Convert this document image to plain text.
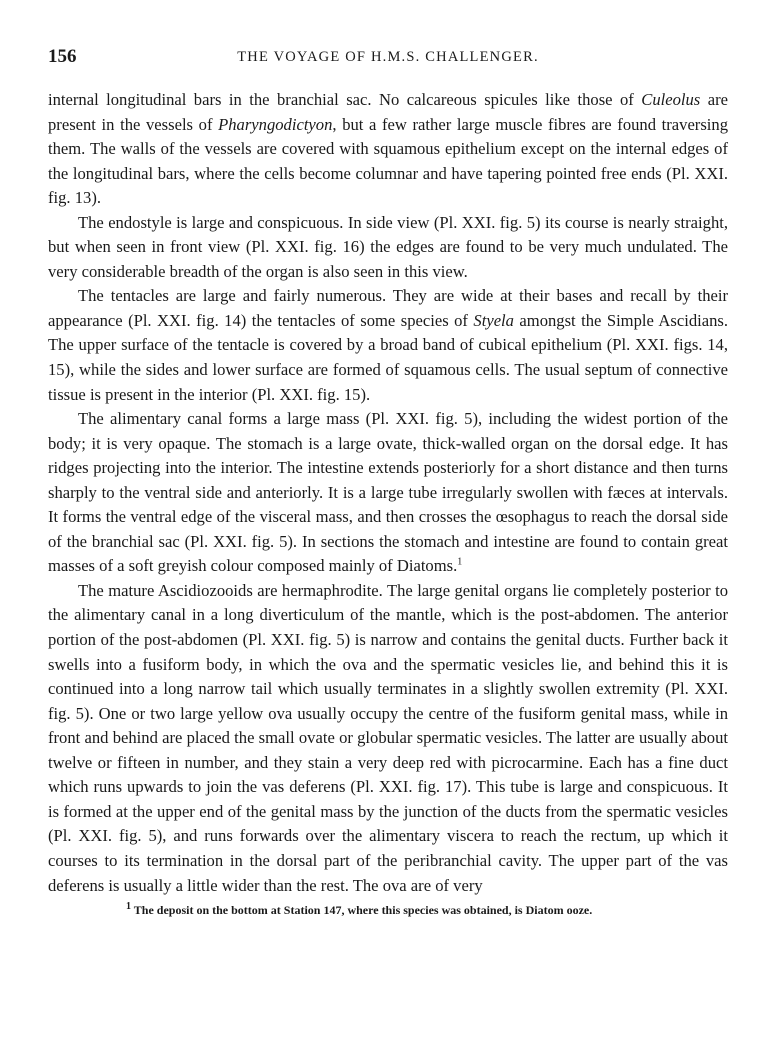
156	THE VOYAGE OF H.M.S. CHALLENGER.

internal longitudinal bars in the branchial sac. No calcareous spicules like those of Culeolus are present in the vessels of Pharyngodictyon, but a few rather large muscle fibres are found traversing them. The walls of the vessels are covered with squamous epithelium except on the internal edges of the longitudinal bars, where the cells become columnar and have tapering pointed free ends (Pl. XXI. fig. 13).

The endostyle is large and conspicuous. In side view (Pl. XXI. fig. 5) its course is nearly straight, but when seen in front view (Pl. XXI. fig. 16) the edges are found to be very much undulated. The very considerable breadth of the organ is also seen in this view.

The tentacles are large and fairly numerous. They are wide at their bases and recall by their appearance (Pl. XXI. fig. 14) the tentacles of some species of Styela amongst the Simple Ascidians. The upper surface of the tentacle is covered by a broad band of cubical epithelium (Pl. XXI. figs. 14, 15), while the sides and lower surface are formed of squamous cells. The usual septum of connective tissue is present in the interior (Pl. XXI. fig. 15).

The alimentary canal forms a large mass (Pl. XXI. fig. 5), including the widest portion of the body; it is very opaque. The stomach is a large ovate, thick-walled organ on the dorsal edge. It has ridges projecting into the interior. The intestine extends posteriorly for a short distance and then turns sharply to the ventral side and anteriorly. It is a large tube irregularly swollen with fæces at intervals. It forms the ventral edge of the visceral mass, and then crosses the œsophagus to reach the dorsal side of the branchial sac (Pl. XXI. fig. 5). In sections the stomach and intestine are found to contain great masses of a soft greyish colour composed mainly of Diatoms.$^1$

The mature Ascidiozooids are hermaphrodite. The large genital organs lie completely posterior to the alimentary canal in a long diverticulum of the mantle, which is the post-abdomen. The anterior portion of the post-abdomen (Pl. XXI. fig. 5) is narrow and contains the genital ducts. Further back it swells into a fusiform body, in which the ova and the spermatic vesicles lie, and behind this it is continued into a long narrow tail which usually terminates in a slightly swollen extremity (Pl. XXI. fig. 5). One or two large yellow ova usually occupy the centre of the fusiform genital mass, while in front and behind are placed the small ovate or globular spermatic vesicles. The latter are usually about twelve or fifteen in number, and they stain a very deep red with picrocarmine. Each has a fine duct which runs upwards to join the vas deferens (Pl. XXI. fig. 17). This tube is large and conspicuous. It is formed at the upper end of the genital mass by the junction of the ducts from the spermatic vesicles (Pl. XXI. fig. 5), and runs forwards over the alimentary viscera to reach the rectum, up which it courses to its termination in the dorsal part of the peribranchial cavity. The upper part of the vas deferens is usually a little wider than the rest. The ova are of very

$^1$ The deposit on the bottom at Station 147, where this species was obtained, is Diatom ooze.
